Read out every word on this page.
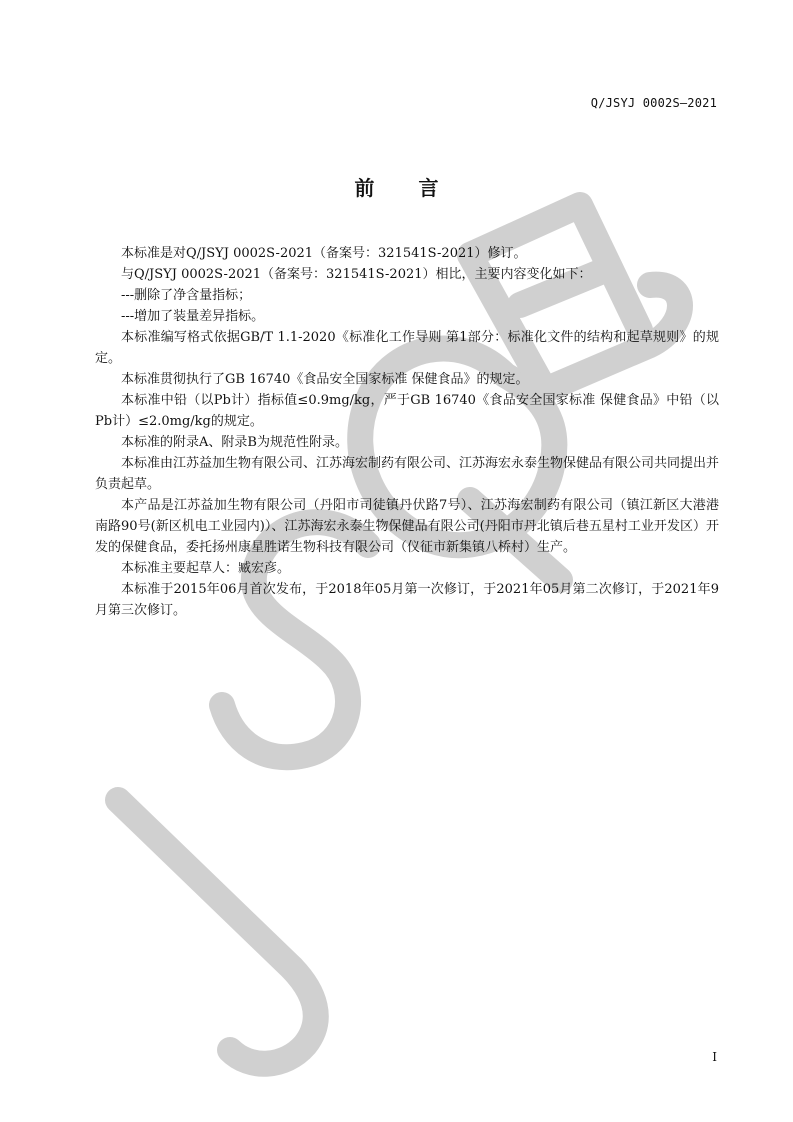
Q/JSYJ 0002S—2021
前言

本标准是对Q/JSYJ 0002S-2021（备案号：321541S-2021）修订。

与Q/JSYJ 0002S-2021（备案号：321541S-2021）相比，主要内容变化如下：

---删除了净含量指标；

---增加了装量差异指标。

本标准编写格式依据GB/T 1.1-2020《标准化工作导则 第1部分：标准化文件的结构和起草规则》的规定。

本标准贯彻执行了GB 16740《食品安全国家标准 保健食品》的规定。

本标准中铅（以Pb计）指标值≤0.9mg/kg，严于GB 16740《食品安全国家标准 保健食品》中铅（以Pb计）≤2.0mg/kg的规定。

本标准的附录A、附录B为规范性附录。

本标准由江苏益加生物有限公司、江苏海宏制药有限公司、江苏海宏永泰生物保健品有限公司共同提出并负责起草。

本产品是江苏益加生物有限公司（丹阳市司徒镇丹伏路7号）、江苏海宏制药有限公司（镇江新区大港港南路90号(新区机电工业园内)）、江苏海宏永泰生物保健品有限公司(丹阳市丹北镇后巷五星村工业开发区）开发的保健食品，委托扬州康星胜诺生物科技有限公司（仪征市新集镇八桥村）生产。

本标准主要起草人：臧宏彦。

本标准于2015年06月首次发布，于2018年05月第一次修订，于2021年05月第二次修订，于2021年9月第三次修订。

I
